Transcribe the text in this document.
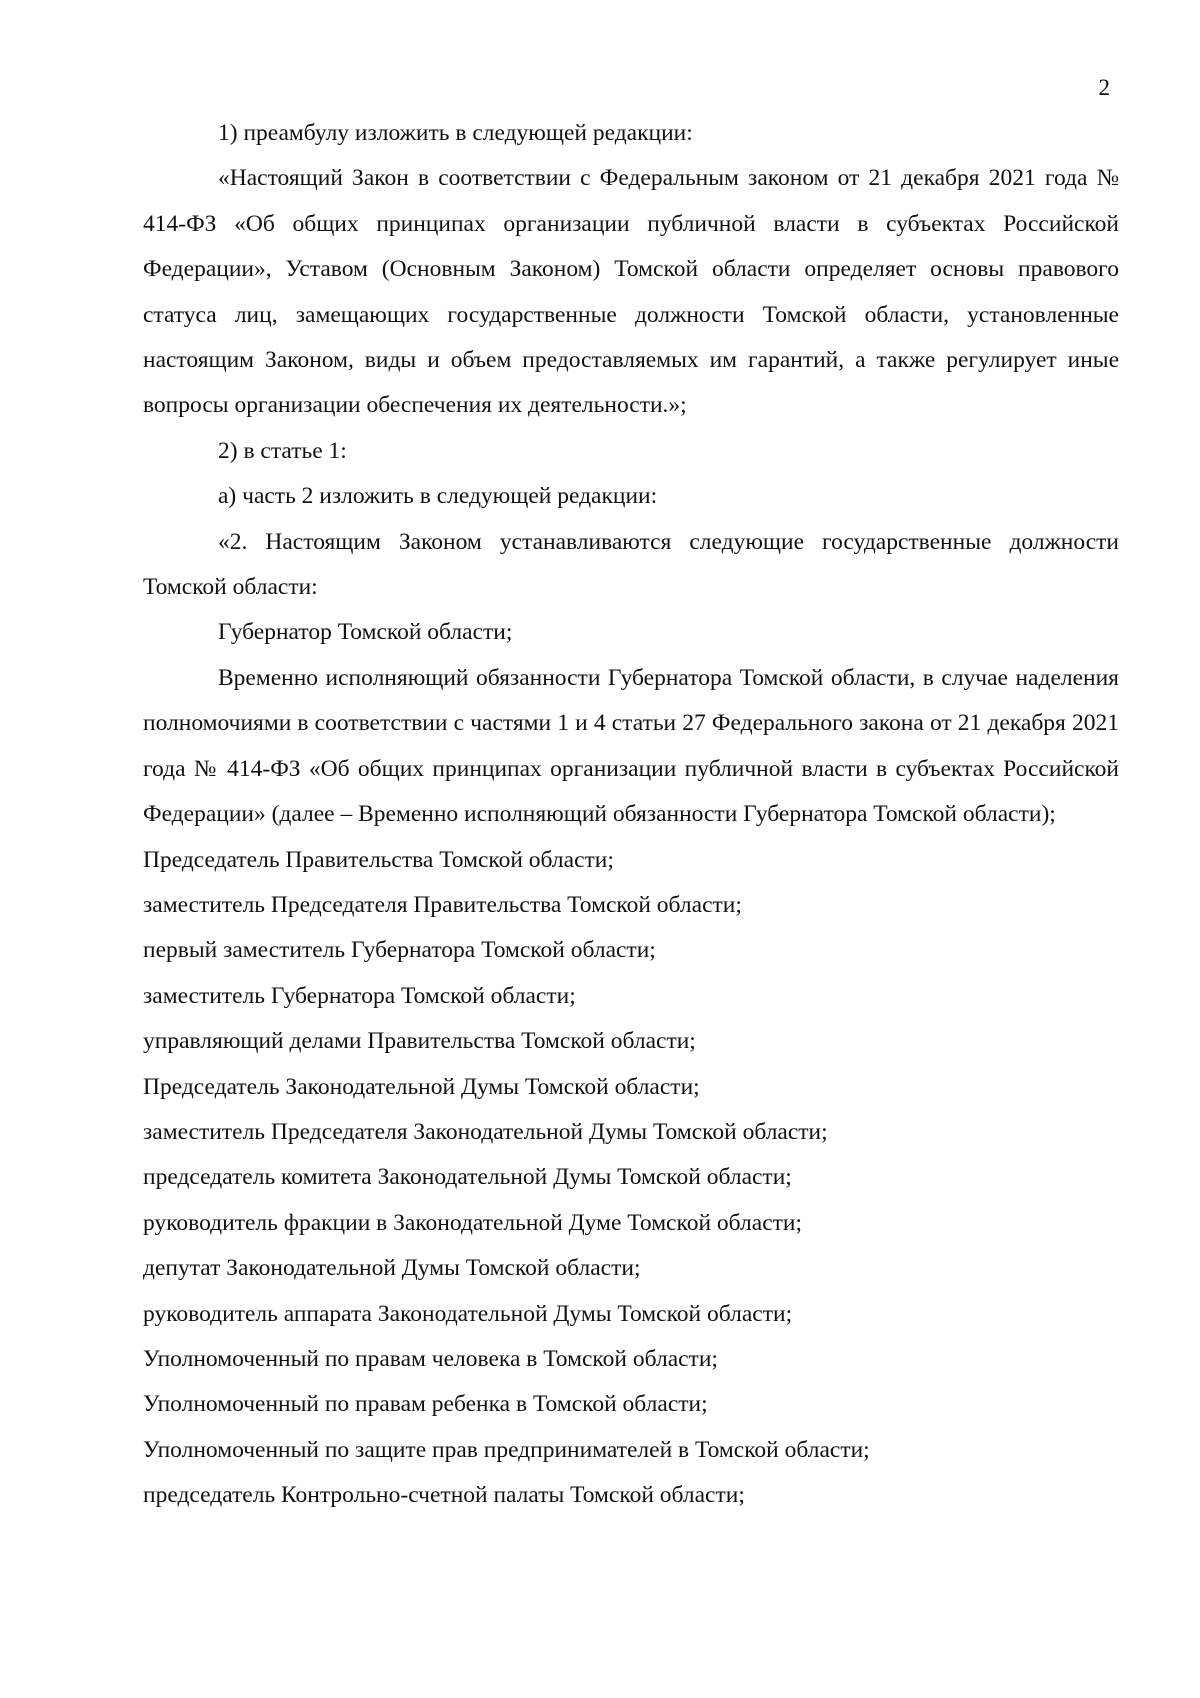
2

1) преамбулу изложить в следующей редакции:

«Настоящий Закон в соответствии с Федеральным законом от 21 декабря 2021 года № 414-ФЗ «Об общих принципах организации публичной власти в субъектах Российской Федерации», Уставом (Основным Законом) Томской области определяет основы правового статуса лиц, замещающих государственные должности Томской области, установленные настоящим Законом, виды и объем предоставляемых им гарантий, а также регулирует иные вопросы организации обеспечения их деятельности.»;

2) в статье 1:

а) часть 2 изложить в следующей редакции:

«2. Настоящим Законом устанавливаются следующие государственные должности Томской области:

Губернатор Томской области;

Временно исполняющий обязанности Губернатора Томской области, в случае наделения полномочиями в соответствии с частями 1 и 4 статьи 27 Федерального закона от 21 декабря 2021 года № 414-ФЗ «Об общих принципах организации публичной власти в субъектах Российской Федерации» (далее – Временно исполняющий обязанности Губернатора Томской области);

Председатель Правительства Томской области;

заместитель Председателя Правительства Томской области;

первый заместитель Губернатора Томской области;

заместитель Губернатора Томской области;

управляющий делами Правительства Томской области;

Председатель Законодательной Думы Томской области;

заместитель Председателя Законодательной Думы Томской области;

председатель комитета Законодательной Думы Томской области;

руководитель фракции в Законодательной Думе Томской области;

депутат Законодательной Думы Томской области;

руководитель аппарата Законодательной Думы Томской области;

Уполномоченный по правам человека в Томской области;

Уполномоченный по правам ребенка в Томской области;

Уполномоченный по защите прав предпринимателей в Томской области;

председатель Контрольно-счетной палаты Томской области;
